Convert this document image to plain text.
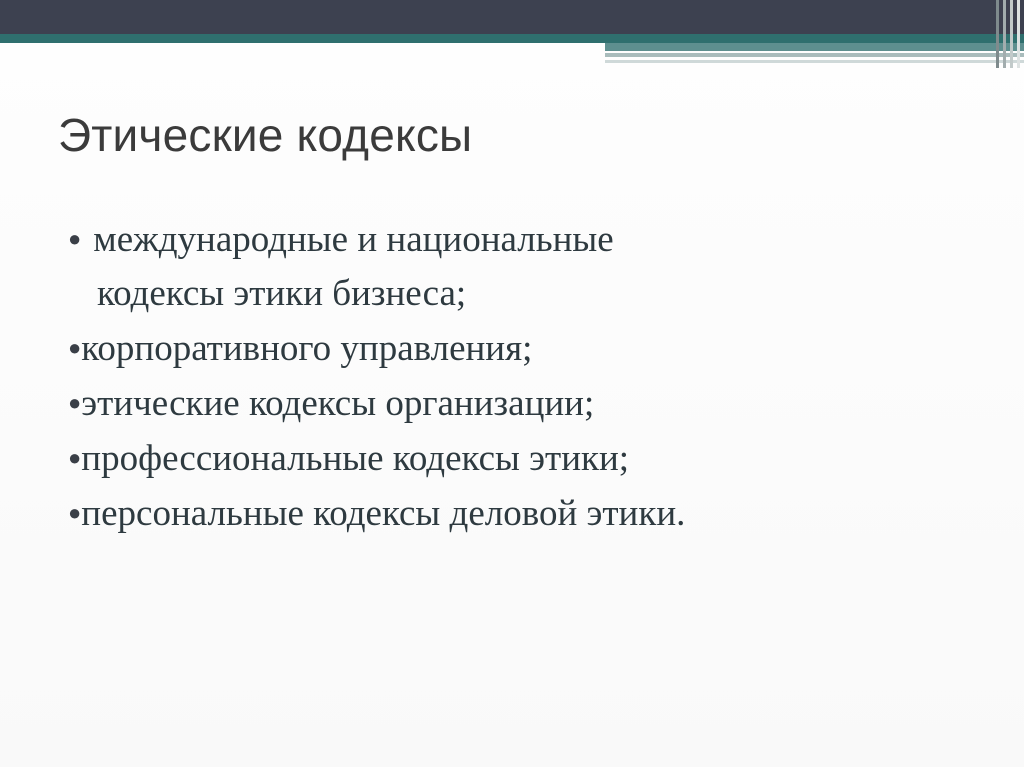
Этические кодексы
● международные и национальные
кодексы этики бизнеса;
●корпоративного управления;
●этические кодексы организации;
●профессиональные кодексы этики;
●персональные кодексы деловой этики.
